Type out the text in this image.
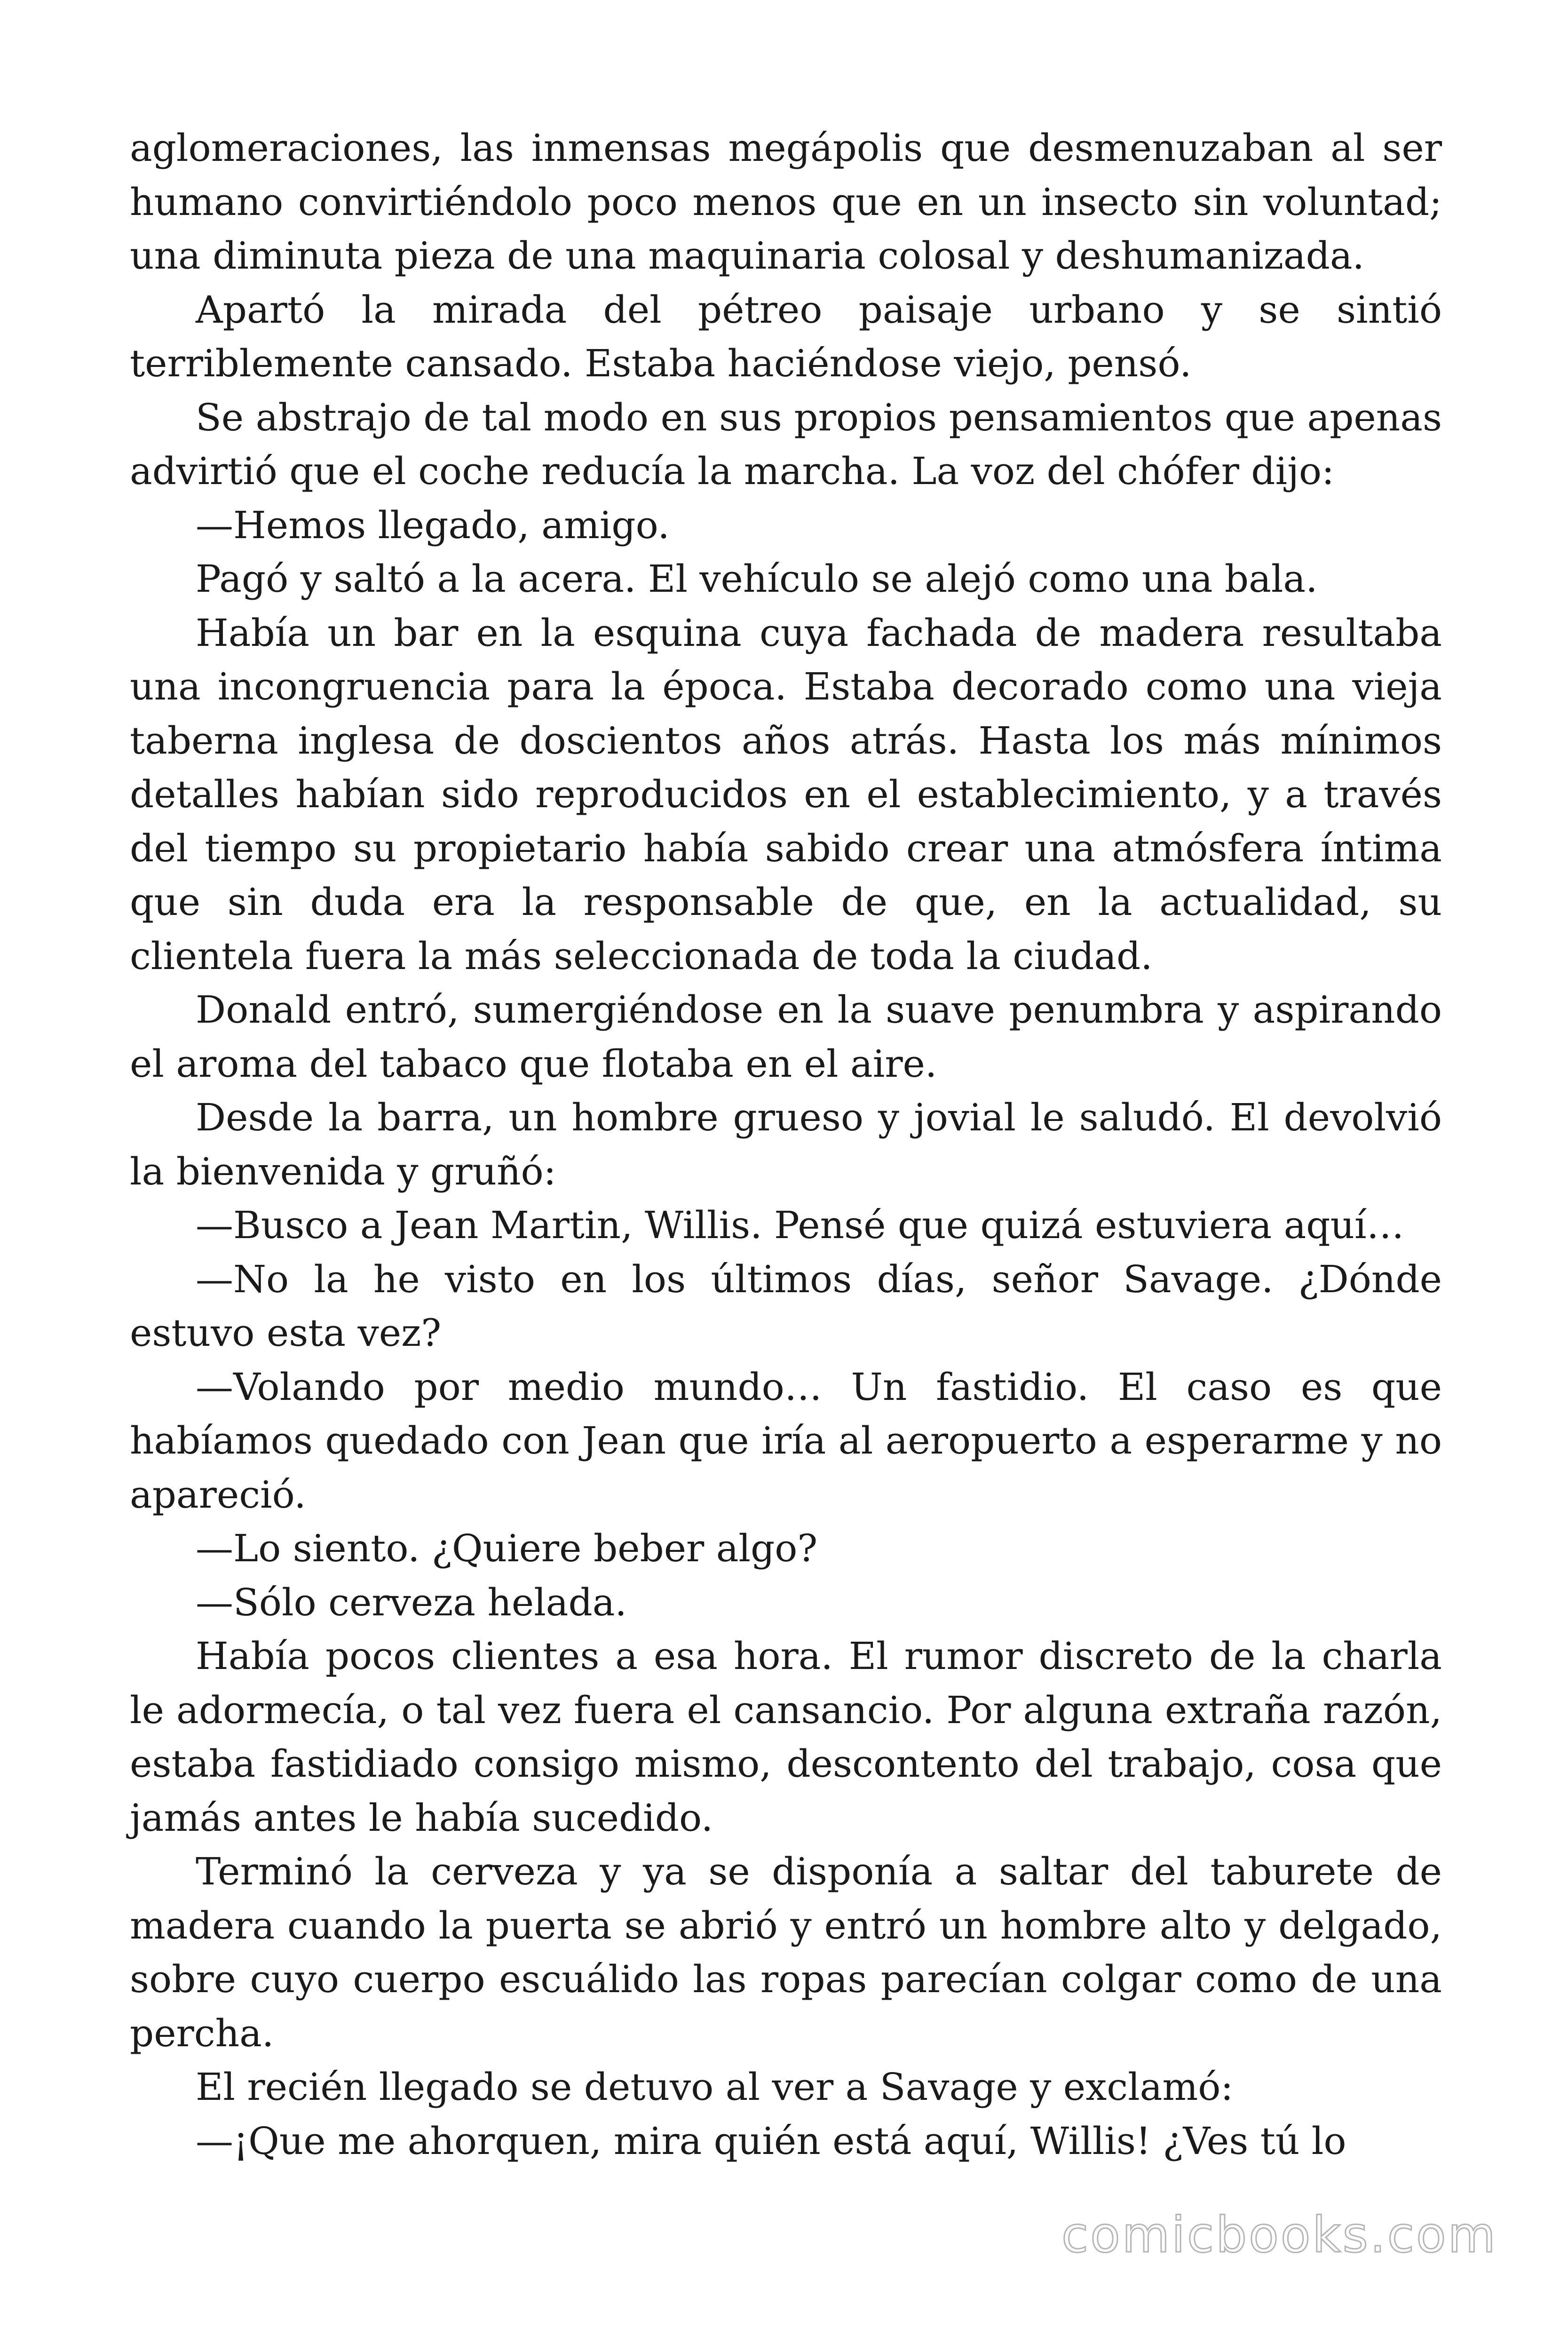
aglomeraciones, las inmensas megápolis que desmenuzaban al ser humano convirtiéndolo poco menos que en un insecto sin voluntad; una diminuta pieza de una maquinaria colosal y deshumanizada.

Apartó la mirada del pétreo paisaje urbano y se sintió terriblemente cansado. Estaba haciéndose viejo, pensó.

Se abstrajo de tal modo en sus propios pensamientos que apenas advirtió que el coche reducía la marcha. La voz del chófer dijo:

—Hemos llegado, amigo.

Pagó y saltó a la acera. El vehículo se alejó como una bala.

Había un bar en la esquina cuya fachada de madera resultaba una incongruencia para la época. Estaba decorado como una vieja taberna inglesa de doscientos años atrás. Hasta los más mínimos detalles habían sido reproducidos en el establecimiento, y a través del tiempo su propietario había sabido crear una atmósfera íntima que sin duda era la responsable de que, en la actualidad, su clientela fuera la más seleccionada de toda la ciudad.

Donald entró, sumergiéndose en la suave penumbra y aspirando el aroma del tabaco que flotaba en el aire.

Desde la barra, un hombre grueso y jovial le saludó. El devolvió la bienvenida y gruñó:

—Busco a Jean Martin, Willis. Pensé que quizá estuviera aquí…

—No la he visto en los últimos días, señor Savage. ¿Dónde estuvo esta vez?

—Volando por medio mundo… Un fastidio. El caso es que habíamos quedado con Jean que iría al aeropuerto a esperarme y no apareció.

—Lo siento. ¿Quiere beber algo?

—Sólo cerveza helada.

Había pocos clientes a esa hora. El rumor discreto de la charla le adormecía, o tal vez fuera el cansancio. Por alguna extraña razón, estaba fastidiado consigo mismo, descontento del trabajo, cosa que jamás antes le había sucedido.

Terminó la cerveza y ya se disponía a saltar del taburete de madera cuando la puerta se abrió y entró un hombre alto y delgado, sobre cuyo cuerpo escuálido las ropas parecían colgar como de una percha.

El recién llegado se detuvo al ver a Savage y exclamó:

—¡Que me ahorquen, mira quién está aquí, Willis! ¿Ves tú lo

comicbooks.com
